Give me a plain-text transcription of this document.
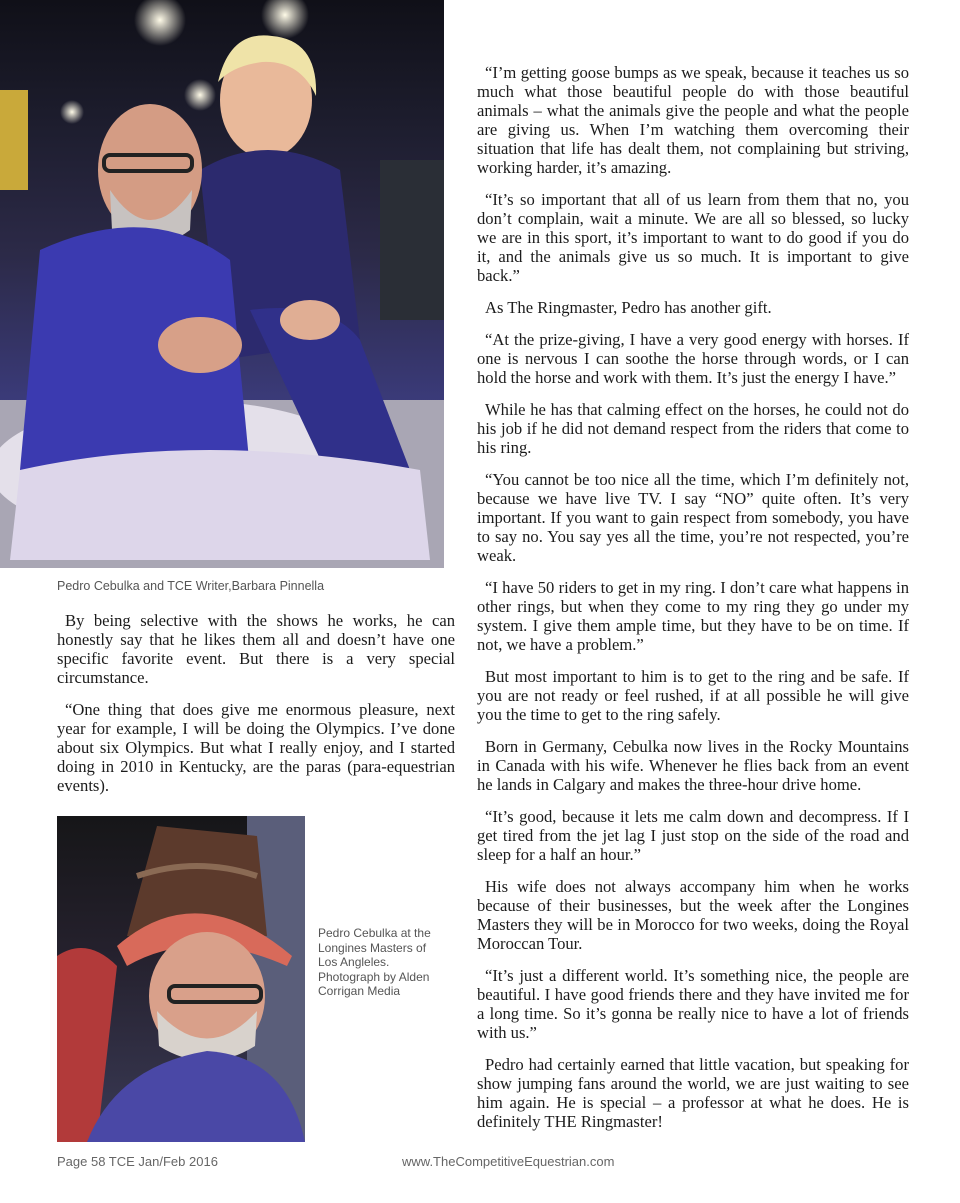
Pedro Cebulka and TCE Writer,Barbara Pinnella

By being selective with the shows he works, he can honestly say that he likes them all and doesn’t have one specific favorite event. But there is a very special circumstance.

“One thing that does give me enormous pleasure, next year for example, I will be doing the Olympics. I’ve done about six Olympics. But what I really enjoy, and I started doing in 2010 in Kentucky, are the paras (para-equestrian events).

Pedro Cebulka at the Longines Masters of Los Angleles. Photograph by Alden Corrigan Media

“I’m getting goose bumps as we speak, because it teaches us so much what those beautiful people do with those beautiful animals – what the animals give the people and what the people are giving us. When I’m watching them overcoming their situation that life has dealt them, not complaining but striving, working harder, it’s amazing.

“It’s so important that all of us learn from them that no, you don’t complain, wait a minute. We are all so blessed, so lucky we are in this sport, it’s important to want to do good if you do it, and the animals give us so much. It is important to give back.”

As The Ringmaster, Pedro has another gift.

“At the prize-giving, I have a very good energy with horses. If one is nervous I can soothe the horse through words, or I can hold the horse and work with them. It’s just the energy I have.”

While he has that calming effect on the horses, he could not do his job if he did not demand respect from the riders that come to his ring.

“You cannot be too nice all the time, which I’m definitely not, because we have live TV. I say “NO” quite often. It’s very important. If you want to gain respect from somebody, you have to say no. You say yes all the time, you’re not respected, you’re weak.

“I have 50 riders to get in my ring. I don’t care what happens in other rings, but when they come to my ring they go under my system. I give them ample time, but they have to be on time. If not, we have a problem.”

But most important to him is to get to the ring and be safe. If you are not ready or feel rushed, if at all possible he will give you the time to get to the ring safely.

Born in Germany, Cebulka now lives in the Rocky Mountains in Canada with his wife. Whenever he flies back from an event he lands in Calgary and makes the three-hour drive home.

“It’s good, because it lets me calm down and decompress. If I get tired from the jet lag I just stop on the side of the road and sleep for a half an hour.”

His wife does not always accompany him when he works because of their businesses, but the week after the Longines Masters they will be in Morocco for two weeks, doing the Royal Moroccan Tour.

“It’s just a different world. It’s something nice, the people are beautiful. I have good friends there and they have invited me for a long time. So it’s gonna be really nice to have a lot of friends with us.”

Pedro had certainly earned that little vacation, but speaking for show jumping fans around the world, we are just waiting to see him again. He is special – a professor at what he does. He is definitely THE Ringmaster!

Page 58 TCE Jan/Feb 2016	www.TheCompetitiveEquestrian.com
